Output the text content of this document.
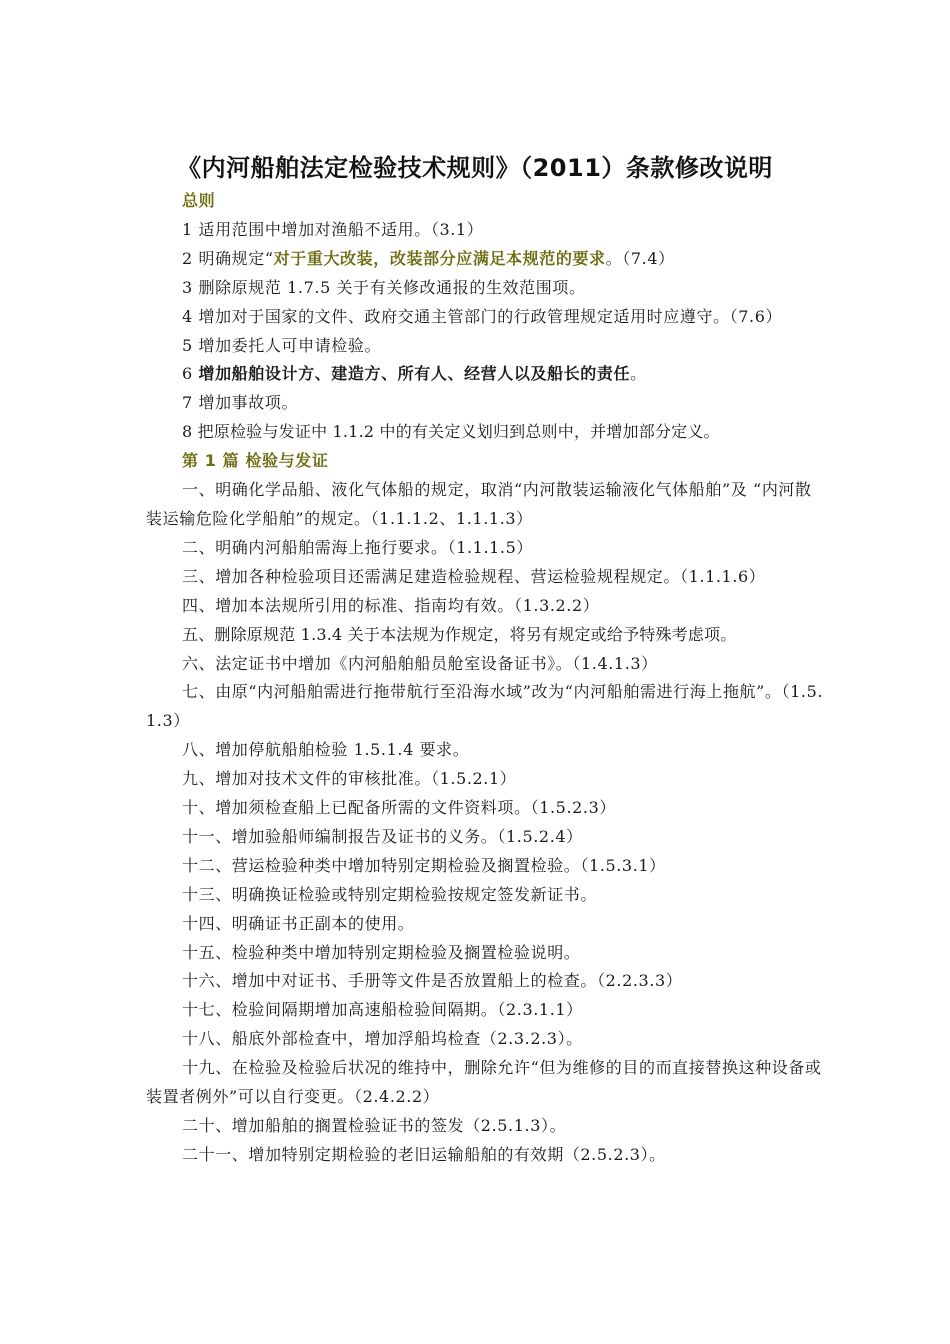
《内河船舶法定检验技术规则》（2011）条款修改说明

总则

1 适用范围中增加对渔船不适用。（3.1）

2 明确规定“对于重大改装，改装部分应满足本规范的要求。（7.4）

3 删除原规范 1.7.5 关于有关修改通报的生效范围项。

4 增加对于国家的文件、政府交通主管部门的行政管理规定适用时应遵守。（7.6）

5 增加委托人可申请检验。

6 增加船舶设计方、建造方、所有人、经营人以及船长的责任。

7 增加事故项。

8 把原检验与发证中 1.1.2 中的有关定义划归到总则中，并增加部分定义。

第 1 篇 检验与发证

一、明确化学品船、液化气体船的规定，取消“内河散装运输液化气体船舶”及 “内河散装运输危险化学船舶”的规定。（1.1.1.2、1.1.1.3）

二、明确内河船舶需海上拖行要求。（1.1.1.5）

三、增加各种检验项目还需满足建造检验规程、营运检验规程规定。（1.1.1.6）

四、增加本法规所引用的标准、指南均有效。（1.3.2.2）

五、删除原规范 1.3.4 关于本法规为作规定，将另有规定或给予特殊考虑项。

六、法定证书中增加《内河船舶船员舱室设备证书》。（1.4.1.3）

七、由原“内河船舶需进行拖带航行至沿海水域”改为“内河船舶需进行海上拖航”。（1.5.1.3）

八、增加停航船舶检验 1.5.1.4 要求。

九、增加对技术文件的审核批准。（1.5.2.1）

十、增加须检查船上已配备所需的文件资料项。（1.5.2.3）

十一、增加验船师编制报告及证书的义务。（1.5.2.4）

十二、营运检验种类中增加特别定期检验及搁置检验。（1.5.3.1）

十三、明确换证检验或特别定期检验按规定签发新证书。

十四、明确证书正副本的使用。

十五、检验种类中增加特别定期检验及搁置检验说明。

十六、增加中对证书、手册等文件是否放置船上的检查。（2.2.3.3）

十七、检验间隔期增加高速船检验间隔期。（2.3.1.1）

十八、船底外部检查中，增加浮船坞检查（2.3.2.3）。

十九、在检验及检验后状况的维持中，删除允许“但为维修的目的而直接替换这种设备或装置者例外”可以自行变更。（2.4.2.2）

二十、增加船舶的搁置检验证书的签发（2.5.1.3）。

二十一、增加特别定期检验的老旧运输船舶的有效期（2.5.2.3）。
